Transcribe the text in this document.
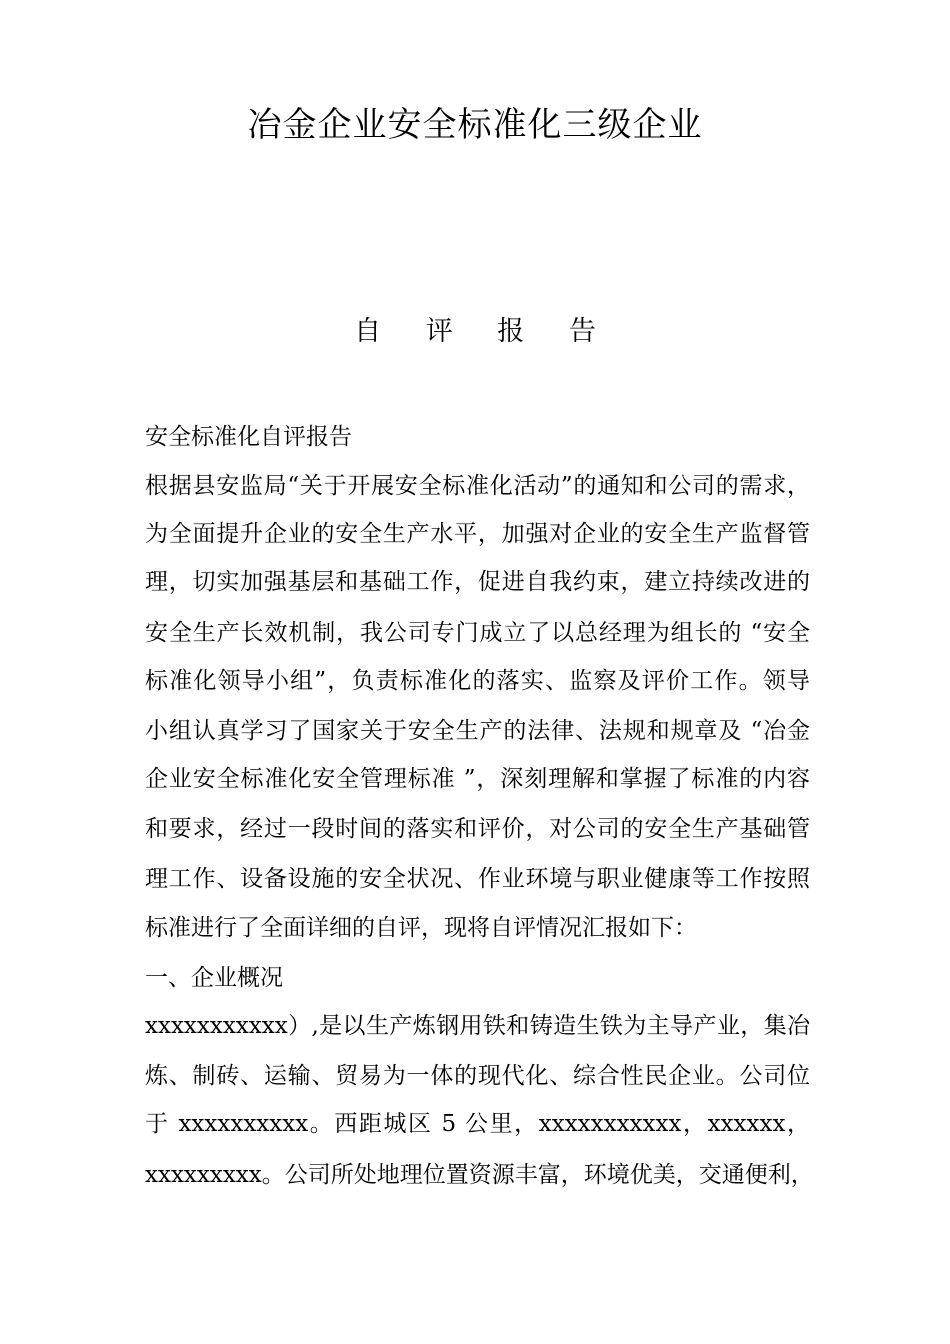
冶金企业安全标准化三级企业
自 评 报 告
安全标准化自评报告
根据县安监局“关于开展安全标准化活动”的通知和公司的需求，
为全面提升企业的安全生产水平，加强对企业的安全生产监督管
理，切实加强基层和基础工作，促进自我约束，建立持续改进的
安全生产长效机制，我公司专门成立了以总经理为组长的 “安全
标准化领导小组”，负责标准化的落实、监察及评价工作。领导
小组认真学习了国家关于安全生产的法律、法规和规章及 “冶金
企业安全标准化安全管理标准 ”，深刻理解和掌握了标准的内容
和要求，经过一段时间的落实和评价，对公司的安全生产基础管
理工作、设备设施的安全状况、作业环境与职业健康等工作按照
标准进行了全面详细的自评，现将自评情况汇报如下：
一、企业概况
xxxxxxxxxxx）,是以生产炼钢用铁和铸造生铁为主导产业，集冶
炼、制砖、运输、贸易为一体的现代化、综合性民企业。公司位
于 xxxxxxxxxx。西距城区 5 公里，xxxxxxxxxxx，xxxxxx，
xxxxxxxxx。公司所处地理位置资源丰富，环境优美，交通便利，
